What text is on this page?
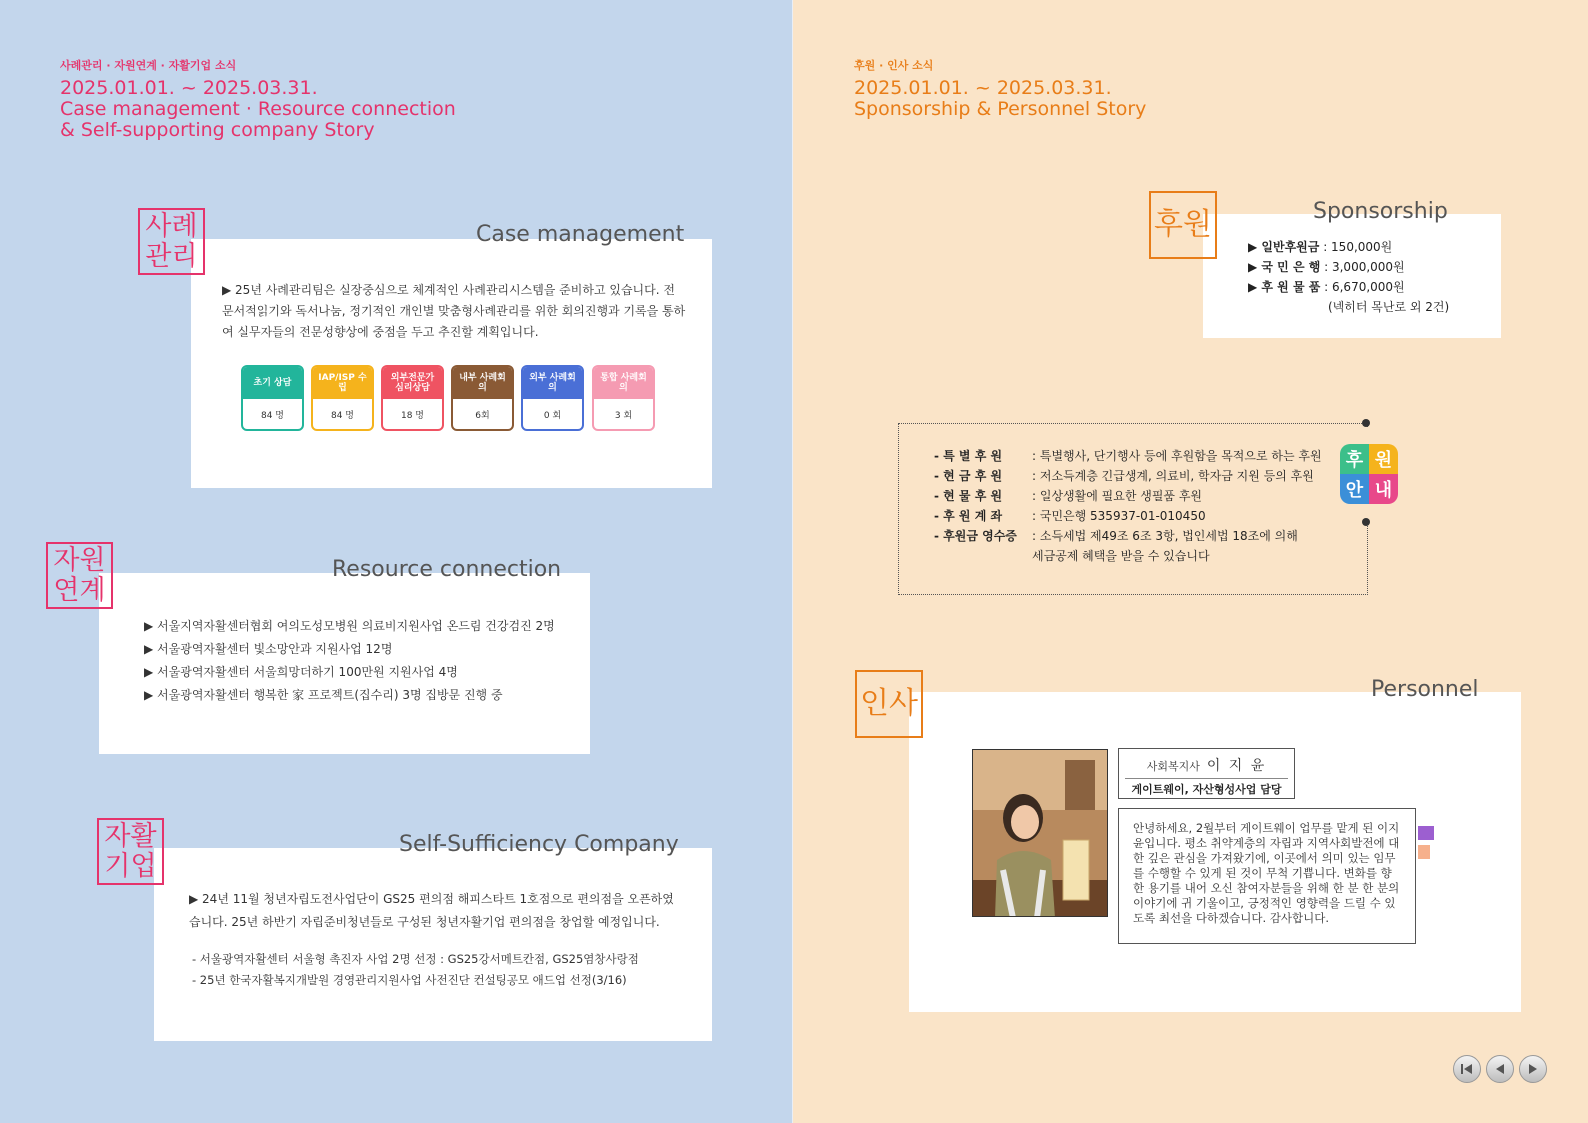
사례관리 · 자원연계 · 자활기업 소식
2025.01.01. ~ 2025.03.31.
Case management · Resource connection
& Self-supporting company Story
사례
관리
Case management
▶ 25년 사례관리팀은 실장중심으로 체계적인 사례관리시스템을 준비하고 있습니다. 전문서적읽기와 독서나눔, 정기적인 개인별 맞춤형사례관리를 위한 회의진행과 기록을 통하여 실무자들의 전문성향상에 중점을 두고 추진할 계획입니다.
초기 상담
84 명
IAP/ISP 수립
84 명
외부전문가 심리상담
18 명
내부 사례회의
6회
외부 사례회의
0 회
통합 사례회의
3 회
자원
연계
Resource connection
▶ 서울지역자활센터협회 여의도성모병원 의료비지원사업 온드림 건강검진 2명
▶ 서울광역자활센터 빛소망안과 지원사업 12명
▶ 서울광역자활센터 서울희망더하기 100만원 지원사업 4명
▶ 서울광역자활센터 행복한 家 프로젝트(집수리) 3명 집방문 진행 중
자활
기업
Self-Sufficiency Company
▶ 24년 11월 청년자립도전사업단이 GS25 편의점 해피스타트 1호점으로 편의점을 오픈하였습니다. 25년 하반기 자립준비청년들로 구성된 청년자활기업 편의점을 창업할 예정입니다.
- 서울광역자활센터 서울형 촉진자 사업 2명 선정 : GS25강서메트칸점, GS25염창사랑점
- 25년 한국자활복지개발원 경영관리지원사업 사전진단 컨설팅공모 애드업 선정(3/16)
후원 · 인사 소식
2025.01.01. ~ 2025.03.31.
Sponsorship & Personnel Story
후원	Sponsorship
▶ 일반후원금 : 150,000원
▶ 국 민 은 행 : 3,000,000원
▶ 후 원 물 품 : 6,670,000원
(넥히터 목난로 외 2건)
- 특 별 후 원	: 특별행사, 단기행사 등에 후원함을 목적으로 하는 후원
- 현 금 후 원	: 저소득계층 긴급생계, 의료비, 학자금 지원 등의 후원
- 현 물 후 원	: 일상생활에 필요한 생필품 후원
- 후 원 계 좌	: 국민은행 535937-01-010450
- 후원금 영수증	: 소득세법 제49조 6조 3항, 법인세법 18조에 의해
세금공제 혜택을 받을 수 있습니다
후 원
안 내
인사	Personnel
사회복지사 이 지 윤
게이트웨이, 자산형성사업 담당
안녕하세요, 2월부터 게이트웨이 업무를 맡게 된 이지윤입니다. 평소 취약계층의 자립과 지역사회발전에 대한 깊은 관심을 가져왔기에, 이곳에서 의미 있는 임무를 수행할 수 있게 된 것이 무척 기쁩니다. 변화를 향한 용기를 내어 오신 참여자분들을 위해 한 분 한 분의 이야기에 귀 기울이고, 긍정적인 영향력을 드릴 수 있도록 최선을 다하겠습니다. 감사합니다.
